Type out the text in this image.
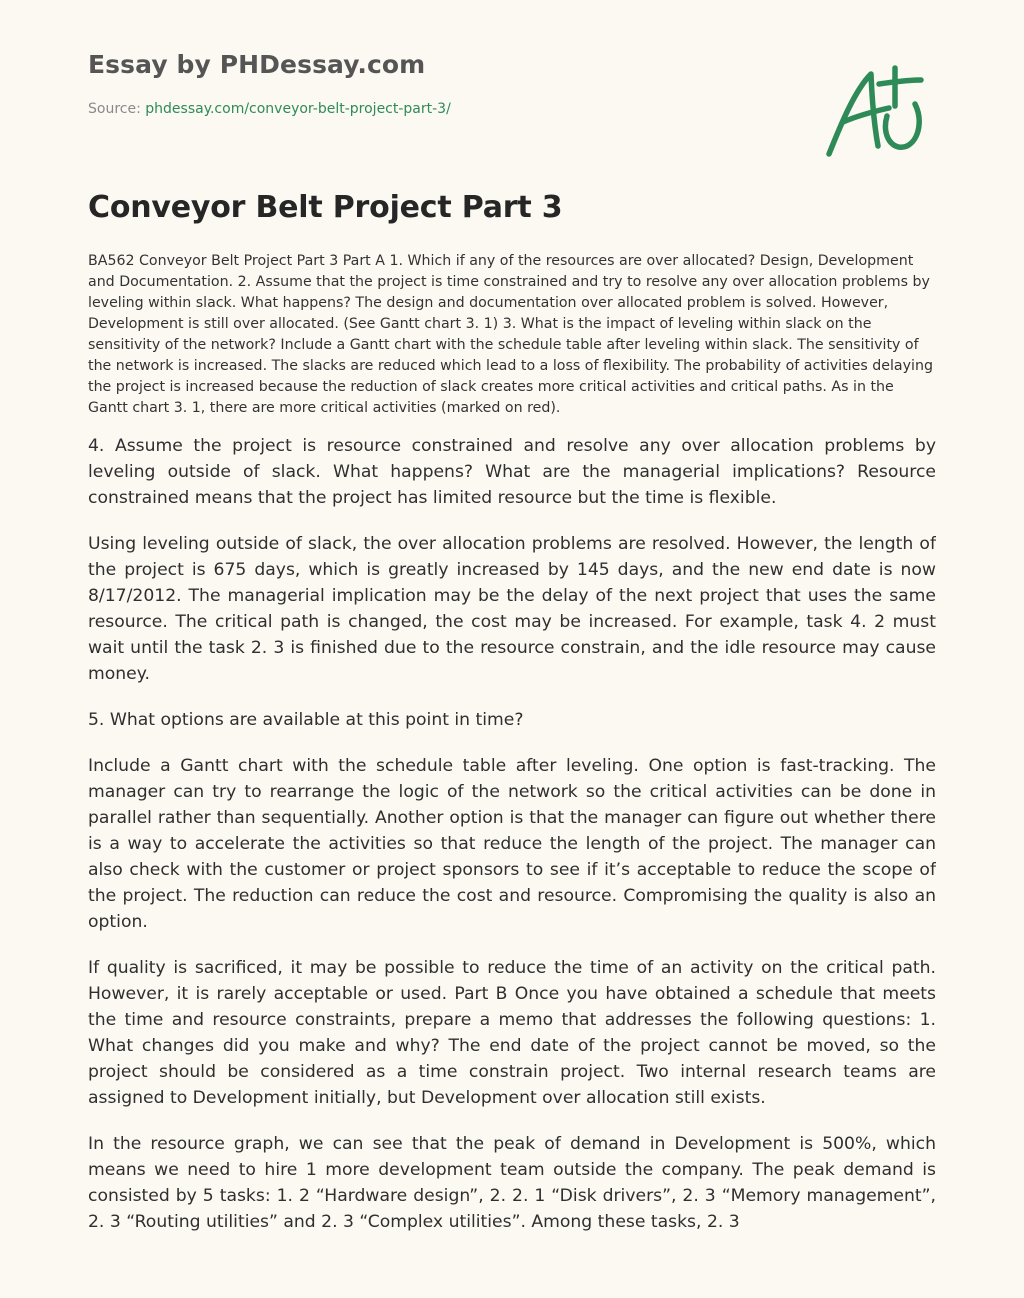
Essay by PHDessay.com
Source: phdessay.com/conveyor-belt-project-part-3/
Conveyor Belt Project Part 3

BA562 Conveyor Belt Project Part 3 Part A 1. Which if any of the resources are over allocated? Design, Development and Documentation. 2. Assume that the project is time constrained and try to resolve any over allocation problems by leveling within slack. What happens? The design and documentation over allocated problem is solved. However, Development is still over allocated. (See Gantt chart 3. 1) 3. What is the impact of leveling within slack on the sensitivity of the network? Include a Gantt chart with the schedule table after leveling within slack. The sensitivity of the network is increased. The slacks are reduced which lead to a loss of flexibility. The probability of activities delaying the project is increased because the reduction of slack creates more critical activities and critical paths. As in the Gantt chart 3. 1, there are more critical activities (marked on red).

4. Assume the project is resource constrained and resolve any over allocation problems by leveling outside of slack. What happens? What are the managerial implications? Resource constrained means that the project has limited resource but the time is flexible.

Using leveling outside of slack, the over allocation problems are resolved. However, the length of the project is 675 days, which is greatly increased by 145 days, and the new end date is now 8/17/2012. The managerial implication may be the delay of the next project that uses the same resource. The critical path is changed, the cost may be increased. For example, task 4. 2 must wait until the task 2. 3 is finished due to the resource constrain, and the idle resource may cause money.

5. What options are available at this point in time?

Include a Gantt chart with the schedule table after leveling. One option is fast-tracking. The manager can try to rearrange the logic of the network so the critical activities can be done in parallel rather than sequentially. Another option is that the manager can figure out whether there is a way to accelerate the activities so that reduce the length of the project. The manager can also check with the customer or project sponsors to see if it’s acceptable to reduce the scope of the project. The reduction can reduce the cost and resource. Compromising the quality is also an option.

If quality is sacrificed, it may be possible to reduce the time of an activity on the critical path. However, it is rarely acceptable or used. Part B Once you have obtained a schedule that meets the time and resource constraints, prepare a memo that addresses the following questions: 1. What changes did you make and why? The end date of the project cannot be moved, so the project should be considered as a time constrain project. Two internal research teams are assigned to Development initially, but Development over allocation still exists.

In the resource graph, we can see that the peak of demand in Development is 500%, which means we need to hire 1 more development team outside the company. The peak demand is consisted by 5 tasks: 1. 2 “Hardware design”, 2. 2. 1 “Disk drivers”, 2. 3 “Memory management”, 2. 3 “Routing utilities” and 2. 3 “Complex utilities”. Among these tasks, 2. 3
